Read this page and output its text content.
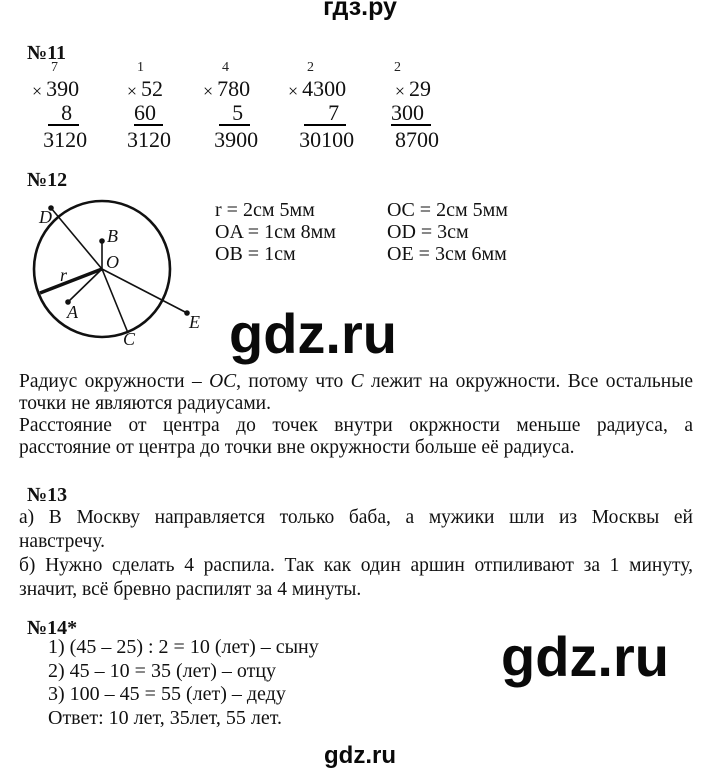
гдз.ру
№11
7
× 390
8
3120
1
× 52
60
3120
4
× 780
5
3900
2
× 4300
7
30100
2
× 29
300
8700
№12
D
B
O
r
A
C
E
r = 2см 5мм
OA = 1см 8мм
OB = 1см
OC = 2см 5мм
OD = 3см
OE = 3см 6мм
gdz.ru
Радиус окружности – ОС, потому что С лежит на окружности. Все остальные
точки не являются радиусами.
Расстояние от центра до точек внутри окржности меньше радиуса, а
расстояние от центра до точки вне окружности больше её радиуса.
№13
а) В Москву направляется только баба, а мужики шли из Москвы ей
навстречу.
б) Нужно сделать 4 распила. Так как один аршин отпиливают за 1 минуту,
значит, всё бревно распилят за 4 минуты.
№14*
1) (45 – 25) : 2 = 10 (лет) – сыну
2) 45 – 10 = 35 (лет) – отцу
3) 100 – 45 = 55 (лет) – деду
Ответ: 10 лет, 35лет, 55 лет.
gdz.ru
gdz.ru
